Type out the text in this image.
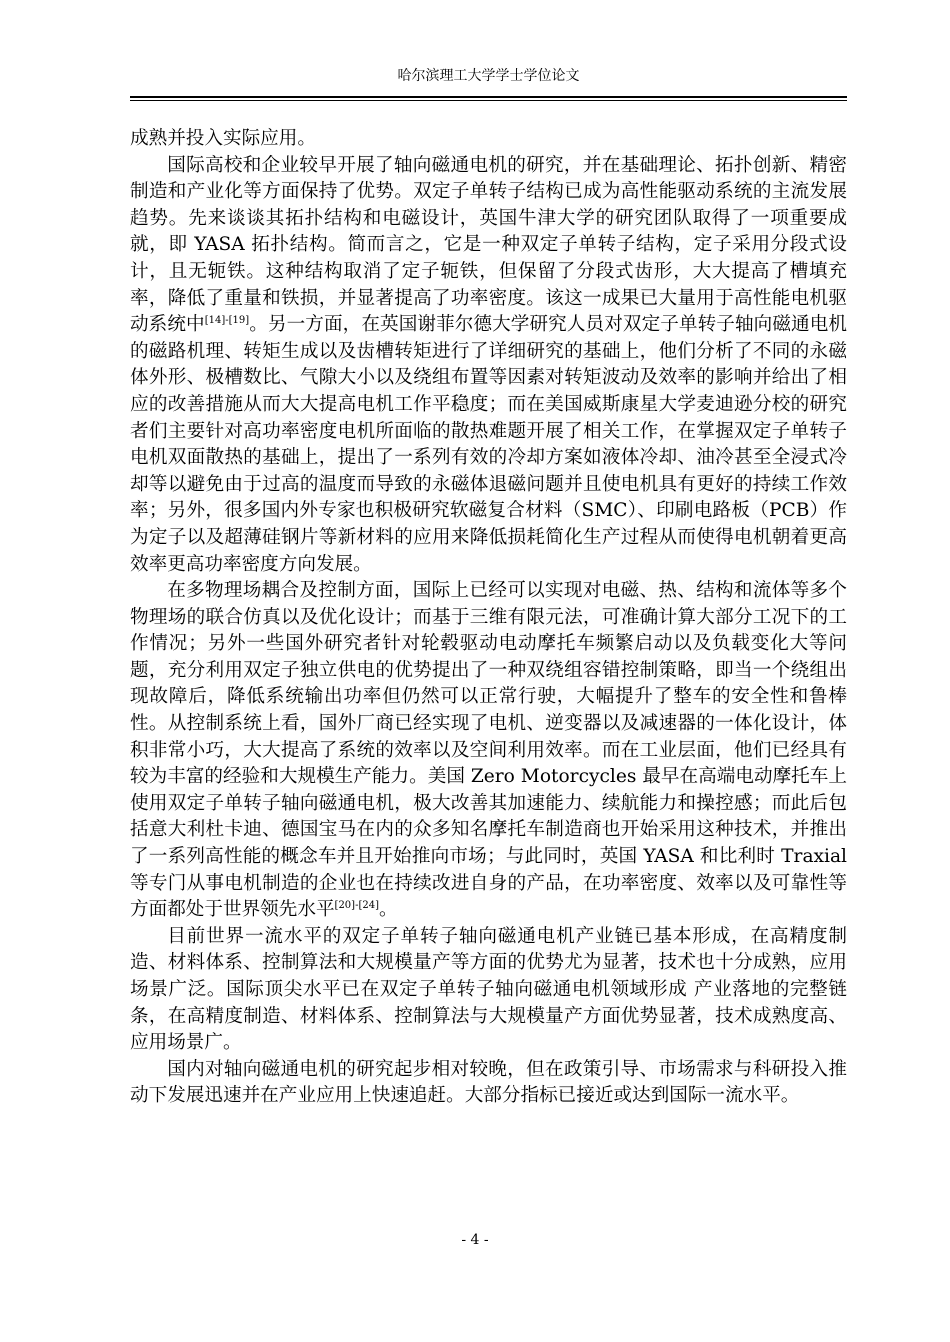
哈尔滨理工大学学士学位论文

成熟并投入实际应用。

国际高校和企业较早开展了轴向磁通电机的研究，并在基础理论、拓扑创新、精密制造和产业化等方面保持了优势。双定子单转子结构已成为高性能驱动系统的主流发展趋势。先来谈谈其拓扑结构和电磁设计，英国牛津大学的研究团队取得了一项重要成就，即 YASA 拓扑结构。简而言之，它是一种双定子单转子结构，定子采用分段式设计，且无轭铁。这种结构取消了定子轭铁，但保留了分段式齿形，大大提高了槽填充率，降低了重量和铁损，并显著提高了功率密度。该这一成果已大量用于高性能电机驱动系统中[14]-[19]。另一方面，在英国谢菲尔德大学研究人员对双定子单转子轴向磁通电机的磁路机理、转矩生成以及齿槽转矩进行了详细研究的基础上，他们分析了不同的永磁体外形、极槽数比、气隙大小以及绕组布置等因素对转矩波动及效率的影响并给出了相应的改善措施从而大大提高电机工作平稳度；而在美国威斯康星大学麦迪逊分校的研究者们主要针对高功率密度电机所面临的散热难题开展了相关工作，在掌握双定子单转子电机双面散热的基础上，提出了一系列有效的冷却方案如液体冷却、油冷甚至全浸式冷却等以避免由于过高的温度而导致的永磁体退磁问题并且使电机具有更好的持续工作效率；另外，很多国内外专家也积极研究软磁复合材料（SMC）、印刷电路板（PCB）作为定子以及超薄硅钢片等新材料的应用来降低损耗简化生产过程从而使得电机朝着更高效率更高功率密度方向发展。

在多物理场耦合及控制方面，国际上已经可以实现对电磁、热、结构和流体等多个物理场的联合仿真以及优化设计；而基于三维有限元法，可准确计算大部分工况下的工作情况；另外一些国外研究者针对轮毂驱动电动摩托车频繁启动以及负载变化大等问题，充分利用双定子独立供电的优势提出了一种双绕组容错控制策略，即当一个绕组出现故障后，降低系统输出功率但仍然可以正常行驶，大幅提升了整车的安全性和鲁棒性。从控制系统上看，国外厂商已经实现了电机、逆变器以及减速器的一体化设计，体积非常小巧，大大提高了系统的效率以及空间利用效率。而在工业层面，他们已经具有较为丰富的经验和大规模生产能力。美国 Zero Motorcycles 最早在高端电动摩托车上使用双定子单转子轴向磁通电机，极大改善其加速能力、续航能力和操控感；而此后包括意大利杜卡迪、德国宝马在内的众多知名摩托车制造商也开始采用这种技术，并推出了一系列高性能的概念车并且开始推向市场；与此同时，英国 YASA 和比利时 Traxial 等专门从事电机制造的企业也在持续改进自身的产品，在功率密度、效率以及可靠性等方面都处于世界领先水平[20]-[24]。

目前世界一流水平的双定子单转子轴向磁通电机产业链已基本形成，在高精度制造、材料体系、控制算法和大规模量产等方面的优势尤为显著，技术也十分成熟，应用场景广泛。国际顶尖水平已在双定子单转子轴向磁通电机领域形成 产业落地的完整链条，在高精度制造、材料体系、控制算法与大规模量产方面优势显著，技术成熟度高、应用场景广。

国内对轴向磁通电机的研究起步相对较晚，但在政策引导、市场需求与科研投入推动下发展迅速并在产业应用上快速追赶。大部分指标已接近或达到国际一流水平。

- 4 -
